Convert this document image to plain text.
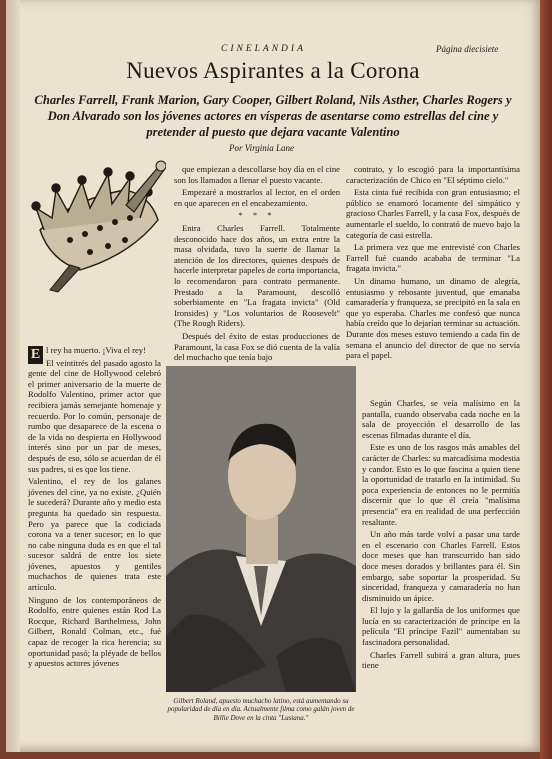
CINELANDIA	Página diecisiete
Nuevos Aspirantes a la Corona
Charles Farrell, Frank Marion, Gary Cooper, Gilbert Roland, Nils Asther, Charles Rogers y Don Alvarado son los jóvenes actores en vísperas de asentarse como estrellas del cine y pretender al puesto que dejara vacante Valentino
Por Virginia Lane

E l rey ha muerto. ¡Viva el rey!

El veintitrés del pasado agosto la gente del cine de Hollywood celebró el primer aniversario de la muerte de Rodolfo Valentino, primer actor que recibiera jamás semejante homenaje y recuerdo. Por lo común, personaje de rumbo que desaparece de la escena o de la vida no despierta en Hollywood interés sino por un par de meses, después de eso, sólo se acuerdan de él sus padres, si es que los tiene.

Valentino, el rey de los galanes jóvenes del cine, ya no existe. ¿Quién le sucederá? Durante año y medio esta pregunta ha quedado sin respuesta. Pero ya parece que la codiciada corona va a tener sucesor; en lo que no cabe ninguna duda es en que el tal sucesor saldrá de entre los siete jóvenes, apuestos y gentiles muchachos de quienes trata este artículo.

Ninguno de los contemporáneos de Rodolfo, entre quienes están Rod La Rocque, Richard Barthelmess, John Gilbert, Ronald Colman, etc., fué capaz de recoger la rica herencia; su oportunidad pasó; la pléyade de bellos y apuestos actores jóvenes

que empiezan a descollarse hoy día en el cine son los llamados a llenar el puesto vacante.

Empezaré a mostrarlos al lector, en el orden en que aparecen en el encabezamiento.

* * *

Entra Charles Farrell. Totalmente desconocido hace dos años, un extra entre la masa olvidada, tuvo la suerte de llamar la atención de los directores, quienes después de hacerle interpretar papeles de corta importancia, lo recomendaron para contrato permanente. Prestado a la Paramount, descolló soberbiamente en "La fragata invicta" (Old Ironsides) y "Los voluntarios de Roosevelt" (The Rough Riders).

Después del éxito de estas producciones de Paramount, la casa Fox se dió cuenta de la valía del muchacho que tenía bajo

contrato, y lo escogió para la importantísima caracterización de Chico en "El séptimo cielo."

Esta cinta fué recibida con gran entusiasmo; el público se enamoró locamente del simpático y gracioso Charles Farrell, y la casa Fox, después de aumentarle el sueldo, lo contrató de nuevo bajo la categoría de casi estrella.

La primera vez que me entrevisté con Charles Farrell fué cuando acababa de terminar "La fragata invicta."

Un dinamo humano, un dinamo de alegría, entusiasmo y rebosante juventud, que emanaba camaradería y franqueza, se precipitó en la sala en que yo esperaba. Charles me confesó que nunca había creído que lo dejarían terminar su actuación. Durante dos meses estuvo temiendo a cada fin de semana el anuncio del director de que no servía para el papel.

Según Charles, se veía malísimo en la pantalla, cuando observaba cada noche en la sala de proyección el desarrollo de las escenas filmadas durante el día.

Este es uno de los rasgos más amables del carácter de Charles: su marcadísima modestia y candor. Esto es lo que fascina a quien tiene la oportunidad de tratarlo en la intimidad. Su poca experiencia de entonces no le permitía discernir que lo que él creía "malísima presencia" era en realidad de una perfección resaltante.

Un año más tarde volví a pasar una tarde en el escenario con Charles Farrell. Estos doce meses que han transcurrido han sido doce meses dorados y brillantes para él. Sin embargo, sabe soportar la prosperidad. Su sinceridad, franqueza y camaradería no han disminuido un ápice.

El lujo y la gallardía de los uniformes que lucía en su caracterización de príncipe en la película "El príncipe Fazil" aumentaban su fascinadora personalidad.

Charles Farrell subirá a gran altura, pues tiene

Gilbert Roland, apuesto muchacho latino, está aumentando su popularidad de día en día. Actualmente filma como galán joven de Billie Dove en la cinta "Lusiana."
